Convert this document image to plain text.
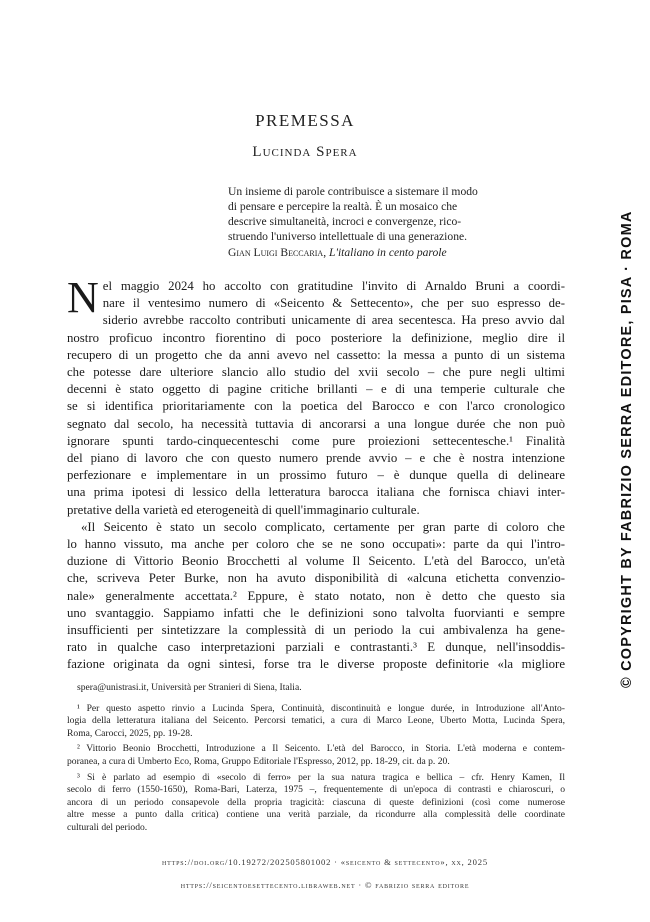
PREMESSA
Lucinda Spera
Un insieme di parole contribuisce a sistemare il modo
di pensare e percepire la realtà. È un mosaico che
descrive simultaneità, incroci e convergenze, rico-
struendo l'universo intellettuale di una generazione.
Gian Luigi Beccaria, L'italiano in cento parole
N el maggio 2024 ho accolto con gratitudine l'invito di Arnaldo Bruni a coordi-
nare il ventesimo numero di «Seicento & Settecento», che per suo espresso de-
siderio avrebbe raccolto contributi unicamente di area secentesca. Ha preso avvio dal
nostro proficuo incontro fiorentino di poco posteriore la definizione, meglio dire il
recupero di un progetto che da anni avevo nel cassetto: la messa a punto di un sistema
che potesse dare ulteriore slancio allo studio del xvii secolo – che pure negli ultimi
decenni è stato oggetto di pagine critiche brillanti – e di una temperie culturale che
se si identifica prioritariamente con la poetica del Barocco e con l'arco cronologico
segnato dal secolo, ha necessità tuttavia di ancorarsi a una longue durée che non può
ignorare spunti tardo-cinquecenteschi come pure proiezioni settecentesche.¹ Finalità
del piano di lavoro che con questo numero prende avvio – e che è nostra intenzione
perfezionare e implementare in un prossimo futuro – è dunque quella di delineare
una prima ipotesi di lessico della letteratura barocca italiana che fornisca chiavi inter-
pretative della varietà ed eterogeneità di quell'immaginario culturale.
«Il Seicento è stato un secolo complicato, certamente per gran parte di coloro che
lo hanno vissuto, ma anche per coloro che se ne sono occupati»: parte da qui l'intro-
duzione di Vittorio Beonio Brocchetti al volume Il Seicento. L'età del Barocco, un'età
che, scriveva Peter Burke, non ha avuto disponibilità di «alcuna etichetta convenzio-
nale» generalmente accettata.² Eppure, è stato notato, non è detto che questo sia
uno svantaggio. Sappiamo infatti che le definizioni sono talvolta fuorvianti e sempre
insufficienti per sintetizzare la complessità di un periodo la cui ambivalenza ha gene-
rato in qualche caso interpretazioni parziali e contrastanti.³ E dunque, nell'insoddis-
fazione originata da ogni sintesi, forse tra le diverse proposte definitorie «la migliore
spera@unistrasi.it, Università per Stranieri di Siena, Italia.
¹ Per questo aspetto rinvio a Lucinda Spera, Continuità, discontinuità e longue durée, in Introduzione all'Anto-
logia della letteratura italiana del Seicento. Percorsi tematici, a cura di Marco Leone, Uberto Motta, Lucinda Spera,
Roma, Carocci, 2025, pp. 19-28.
² Vittorio Beonio Brocchetti, Introduzione a Il Seicento. L'età del Barocco, in Storia. L'età moderna e contem-
poranea, a cura di Umberto Eco, Roma, Gruppo Editoriale l'Espresso, 2012, pp. 18-29, cit. da p. 20.
³ Si è parlato ad esempio di «secolo di ferro» per la sua natura tragica e bellica – cfr. Henry Kamen, Il
secolo di ferro (1550-1650), Roma-Bari, Laterza, 1975 –, frequentemente di un'epoca di contrasti e chiaroscuri, o
ancora di un periodo consapevole della propria tragicità: ciascuna di queste definizioni (così come numerose
altre messe a punto dalla critica) contiene una verità parziale, da ricondurre alla complessità delle coordinate
culturali del periodo.
https://doi.org/10.19272/202505801002 · «seicento & settecento», xx, 2025
https://seicentoesettecento.libraweb.net · © fabrizio serra editore
© COPYRIGHT BY FABRIZIO SERRA EDITORE, PISA · ROMA
